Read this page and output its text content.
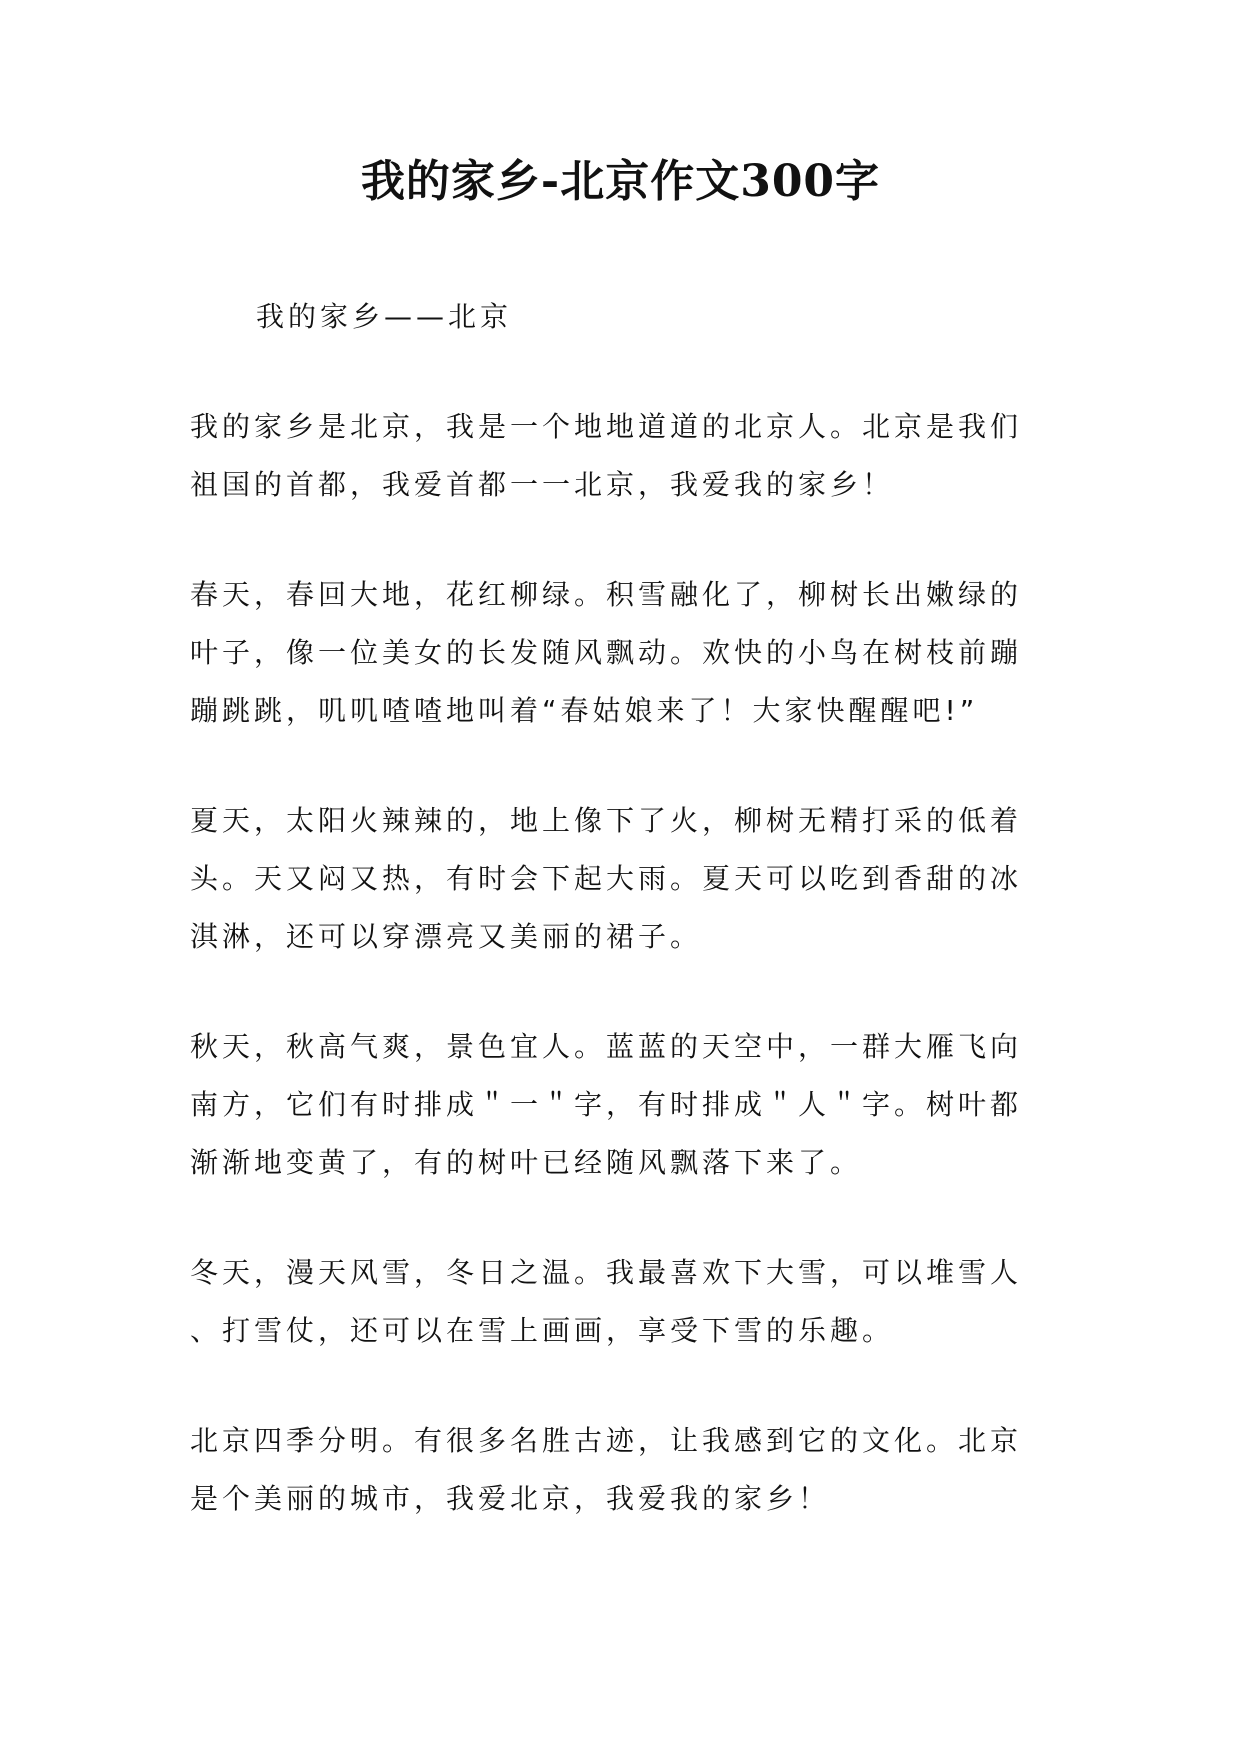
我的家乡-北京作文300字
我的家乡——北京
我的家乡是北京，我是一个地地道道的北京人。北京是我们
祖国的首都，我爱首都一一北京，我爱我的家乡！
春天，春回大地，花红柳绿。积雪融化了，柳树长出嫩绿的
叶子，像一位美女的长发随风飘动。欢快的小鸟在树枝前蹦
蹦跳跳，叽叽喳喳地叫着“春姑娘来了！大家快醒醒吧!”
夏天，太阳火辣辣的，地上像下了火，柳树无精打采的低着
头。天又闷又热，有时会下起大雨。夏天可以吃到香甜的冰
淇淋，还可以穿漂亮又美丽的裙子。
秋天，秋高气爽，景色宜人。蓝蓝的天空中，一群大雁飞向
南方，它们有时排成＂一＂字，有时排成＂人＂字。树叶都
渐渐地变黄了，有的树叶已经随风飘落下来了。
冬天，漫天风雪，冬日之温。我最喜欢下大雪，可以堆雪人
、打雪仗，还可以在雪上画画，享受下雪的乐趣。
北京四季分明。有很多名胜古迹，让我感到它的文化。北京
是个美丽的城市，我爱北京，我爱我的家乡！
